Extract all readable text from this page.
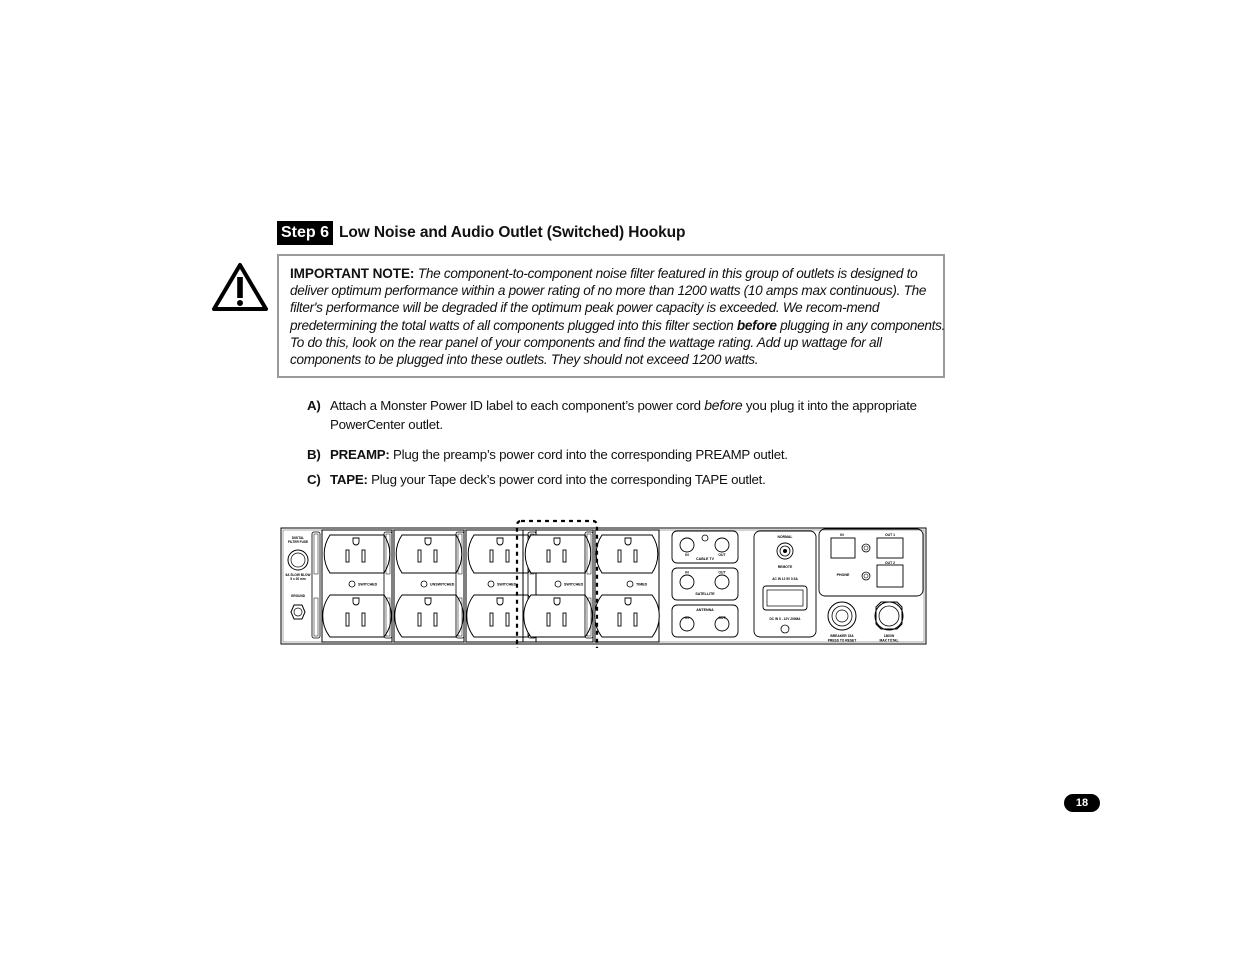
Step 6 Low Noise and Audio Outlet (Switched) Hookup
IMPORTANT NOTE: The component-to-component noise filter featured in this group of outlets is designed to deliver optimum performance within a power rating of no more than 1200 watts (10 amps max continuous). The filter's performance will be degraded if the optimum peak power capacity is exceeded. We recom-mend predetermining the total watts of all components plugged into this filter section before plugging in any components. To do this, look on the rear panel of your components and find the wattage rating. Add up wattage for all components to be plugged into these outlets. They should not exceed 1200 watts.
A) Attach a Monster Power ID label to each component’s power cord before you plug it into the appropriate PowerCenter outlet.
B) PREAMP: Plug the preamp’s power cord into the corresponding PREAMP outlet.
C) TAPE: Plug your Tape deck’s power cord into the corresponding TAPE outlet.
DIGITAL
FILTER FUSE
6A SLOW BLOW
5 x 20 mm
GROUND
SWITCHED	UNSWITCHED	SWITCHED	SWITCHED	TIMED
IN	OUT
CABLE TV
IN	OUT
SATELLITE
ANTENNA
IN	OUT
NORMAL
REMOTE
AC IN 12 5V 0.5A
DC IN 5 - 12V 200MA
IN	OUT 1
OUT 2
PHONE
BREAKER 15A
PRESS TO RESET
1800W
MAX TOTAL
18
